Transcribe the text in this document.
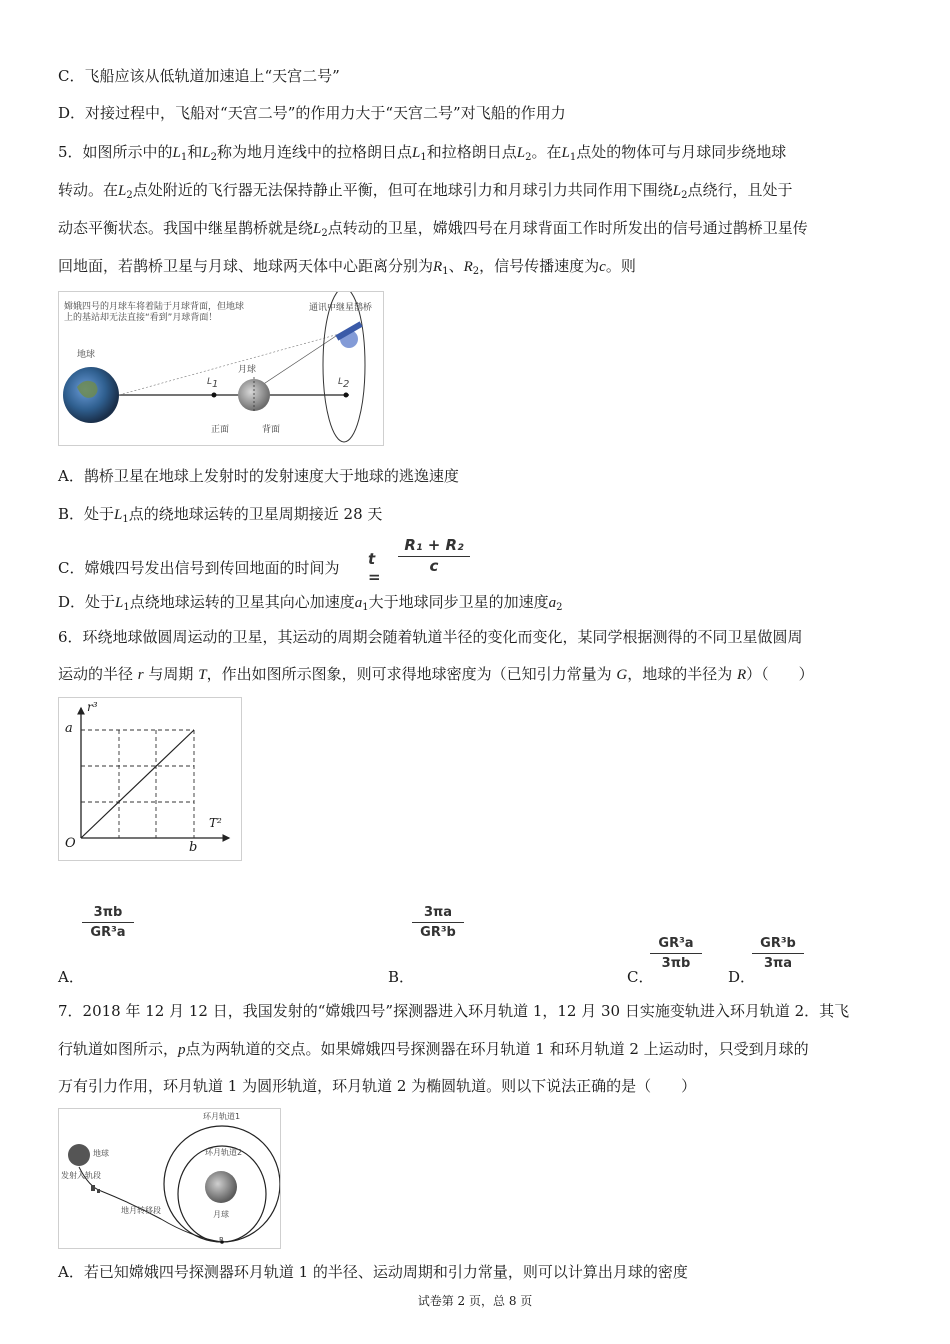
C．飞船应该从低轨道加速追上“天宫二号”
D．对接过程中，飞船对“天宫二号”的作用力大于“天宫二号”对飞船的作用力
5．如图所示中的$L_1$和$L_2$称为地月连线中的拉格朗日点$L_1$和拉格朗日点$L_2$。在$L_1$点处的物体可与月球同步绕地球
转动。在$L_2$点处附近的飞行器无法保持静止平衡，但可在地球引力和月球引力共同作用下围绕$L_2$点绕行，且处于
动态平衡状态。我国中继星鹊桥就是绕$L_2$点转动的卫星，嫦娥四号在月球背面工作时所发出的信号通过鹊桥卫星传
回地面，若鹊桥卫星与月球、地球两天体中心距离分别为$R_1$、$R_2$，信号传播速度为c。则
嫦娥四号的月球车将着陆于月球背面，但地球
上的基站却无法直接“看到”月球背面！
通讯中继星鹊桥
地球
月球
$L_1$	$L_2$
正面	背面
A．鹊桥卫星在地球上发射时的发射速度大于地球的逃逸速度
B．处于$L_1$点的绕地球运转的卫星周期接近 28 天
C．嫦娥四号发出信号到传回地面的时间为 t =
R₁ + R₂
c
D．处于$L_1$点绕地球运转的卫星其向心加速度$a_1$大于地球同步卫星的加速度$a_2$
6．环绕地球做圆周运动的卫星，其运动的周期会随着轨道半径的变化而变化，某同学根据测得的不同卫星做圆周
运动的半径 r 与周期 T，作出如图所示图象，则可求得地球密度为（已知引力常量为 G，地球的半径为 R）（　　）
r³
T²
a
b
O
$\frac{3\pi b}{\text{GR³a}}$
A．
$\frac{3\pi a}{\text{GR³b}}$
B．	C．
$\frac{\text{GR³a}}{3\pi b}$
D．
$\frac{\text{GR³b}}{3\pi a}$
7．2018 年 12 月 12 日，我国发射的“嫦娥四号”探测器进入环月轨道 1，12 月 30 日实施变轨进入环月轨道 2．其飞
行轨道如图所示，p点为两轨道的交点。如果嫦娥四号探测器在环月轨道 1 和环月轨道 2 上运动时，只受到月球的
万有引力作用，环月轨道 1 为圆形轨道，环月轨道 2 为椭圆轨道。则以下说法正确的是（　　）
环月轨道1
环月轨道2
地球
发射入轨段
地月转移段	月球
P
A．若已知嫦娥四号探测器环月轨道 1 的半径、运动周期和引力常量，则可以计算出月球的密度
试卷第 2 页，总 8 页
